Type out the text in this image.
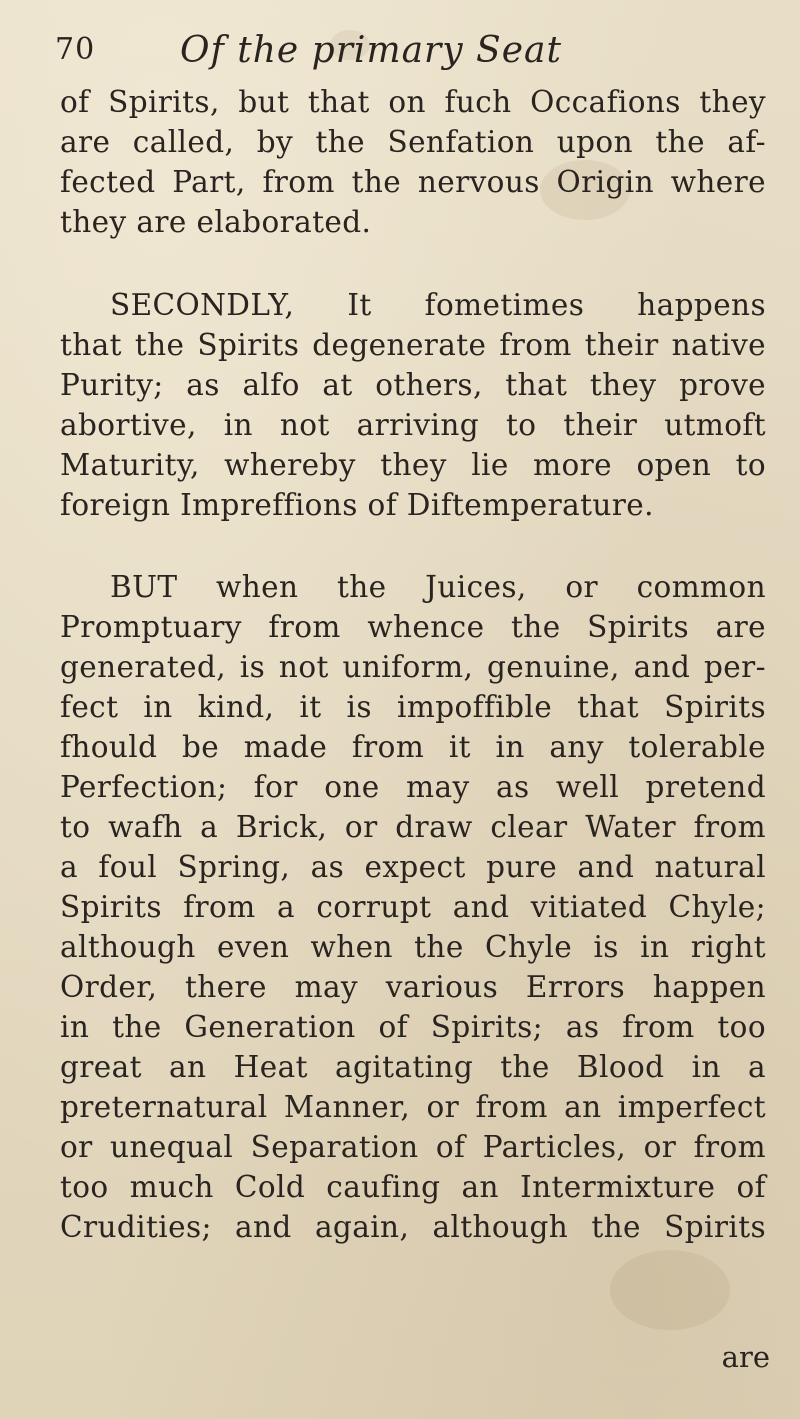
70 Of the primary Seat
of Spirits, but that on fuch Occafions they
are called, by the Senfation upon the af-
fected Part, from the nervous Origin where
they are elaborated.
SECONDLY, It fometimes happens
that the Spirits degenerate from their native
Purity; as alfo at others, that they prove
abortive, in not arriving to their utmoft
Maturity, whereby they lie more open to
foreign Impreffions of Diftemperature.
BUT when the Juices, or common
Promptuary from whence the Spirits are
generated, is not uniform, genuine, and per-
fect in kind, it is impoffible that Spirits
fhould be made from it in any tolerable
Perfection; for one may as well pretend
to wafh a Brick, or draw clear Water from
a foul Spring, as expect pure and natural
Spirits from a corrupt and vitiated Chyle;
although even when the Chyle is in right
Order, there may various Errors happen
in the Generation of Spirits; as from too
great an Heat agitating the Blood in a
preternatural Manner, or from an imperfect
or unequal Separation of Particles, or from
too much Cold caufing an Intermixture of
Crudities; and again, although the Spirits
are
